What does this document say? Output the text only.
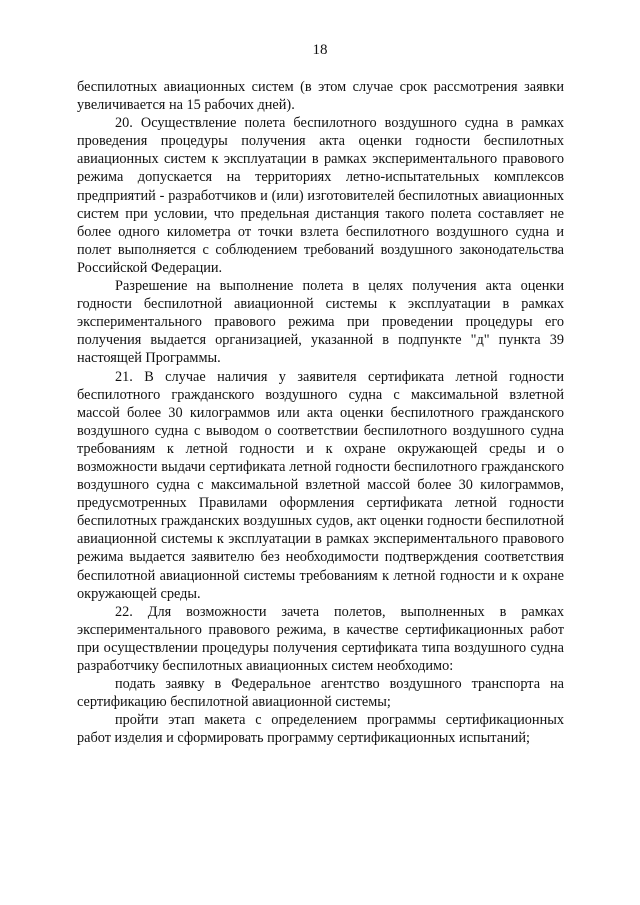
18

беспилотных авиационных систем (в этом случае срок рассмотрения заявки увеличивается на 15 рабочих дней).

20. Осуществление полета беспилотного воздушного судна в рамках проведения процедуры получения акта оценки годности беспилотных авиационных систем к эксплуатации в рамках экспериментального правового режима допускается на территориях летно-испытательных комплексов предприятий - разработчиков и (или) изготовителей беспилотных авиационных систем при условии, что предельная дистанция такого полета составляет не более одного километра от точки взлета беспилотного воздушного судна и полет выполняется с соблюдением требований воздушного законодательства Российской Федерации.

Разрешение на выполнение полета в целях получения акта оценки годности беспилотной авиационной системы к эксплуатации в рамках экспериментального правового режима при проведении процедуры его получения выдается организацией, указанной в подпункте "д" пункта 39 настоящей Программы.

21. В случае наличия у заявителя сертификата летной годности беспилотного гражданского воздушного судна с максимальной взлетной массой более 30 килограммов или акта оценки беспилотного гражданского воздушного судна с выводом о соответствии беспилотного воздушного судна требованиям к летной годности и к охране окружающей среды и о возможности выдачи сертификата летной годности беспилотного гражданского воздушного судна с максимальной взлетной массой более 30 килограммов, предусмотренных Правилами оформления сертификата летной годности беспилотных гражданских воздушных судов, акт оценки годности беспилотной авиационной системы к эксплуатации в рамках экспериментального правового режима выдается заявителю без необходимости подтверждения соответствия беспилотной авиационной системы требованиям к летной годности и к охране окружающей среды.

22. Для возможности зачета полетов, выполненных в рамках экспериментального правового режима, в качестве сертификационных работ при осуществлении процедуры получения сертификата типа воздушного судна разработчику беспилотных авиационных систем необходимо:

подать заявку в Федеральное агентство воздушного транспорта на сертификацию беспилотной авиационной системы;

пройти этап макета с определением программы сертификационных работ изделия и сформировать программу сертификационных испытаний;
